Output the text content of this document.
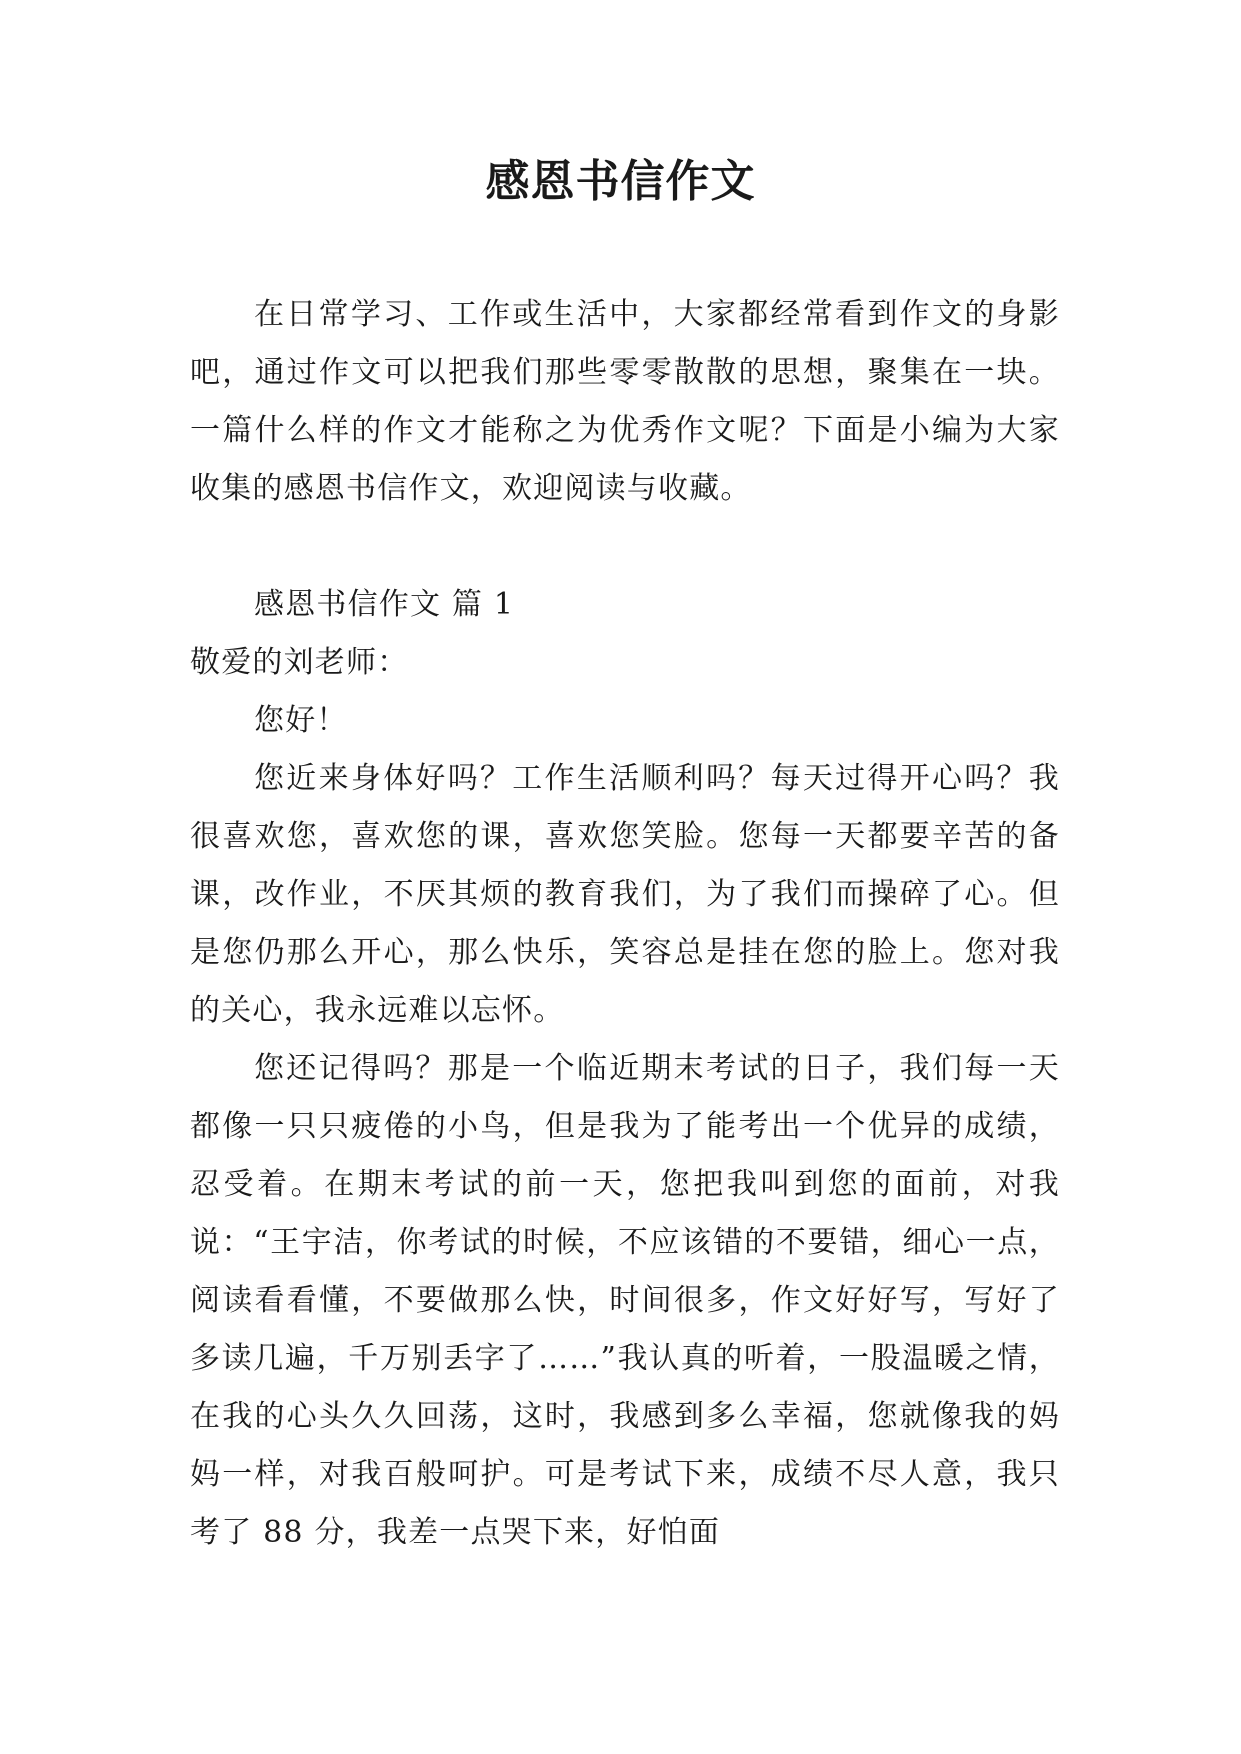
感恩书信作文

在日常学习、工作或生活中，大家都经常看到作文的身影吧，通过作文可以把我们那些零零散散的思想，聚集在一块。一篇什么样的作文才能称之为优秀作文呢？下面是小编为大家收集的感恩书信作文，欢迎阅读与收藏。

感恩书信作文 篇 1

敬爱的刘老师：

您好！

您近来身体好吗？工作生活顺利吗？每天过得开心吗？我很喜欢您，喜欢您的课，喜欢您笑脸。您每一天都要辛苦的备课，改作业，不厌其烦的教育我们，为了我们而操碎了心。但是您仍那么开心，那么快乐，笑容总是挂在您的脸上。您对我的关心，我永远难以忘怀。

您还记得吗？那是一个临近期末考试的日子，我们每一天都像一只只疲倦的小鸟，但是我为了能考出一个优异的成绩，忍受着。在期末考试的前一天，您把我叫到您的面前，对我说：“王宇洁，你考试的时候，不应该错的不要错，细心一点，阅读看看懂，不要做那么快，时间很多，作文好好写，写好了多读几遍，千万别丢字了……”我认真的听着，一股温暖之情，在我的心头久久回荡，这时，我感到多么幸福，您就像我的妈妈一样，对我百般呵护。可是考试下来，成绩不尽人意，我只考了 88 分，我差一点哭下来，好怕面
